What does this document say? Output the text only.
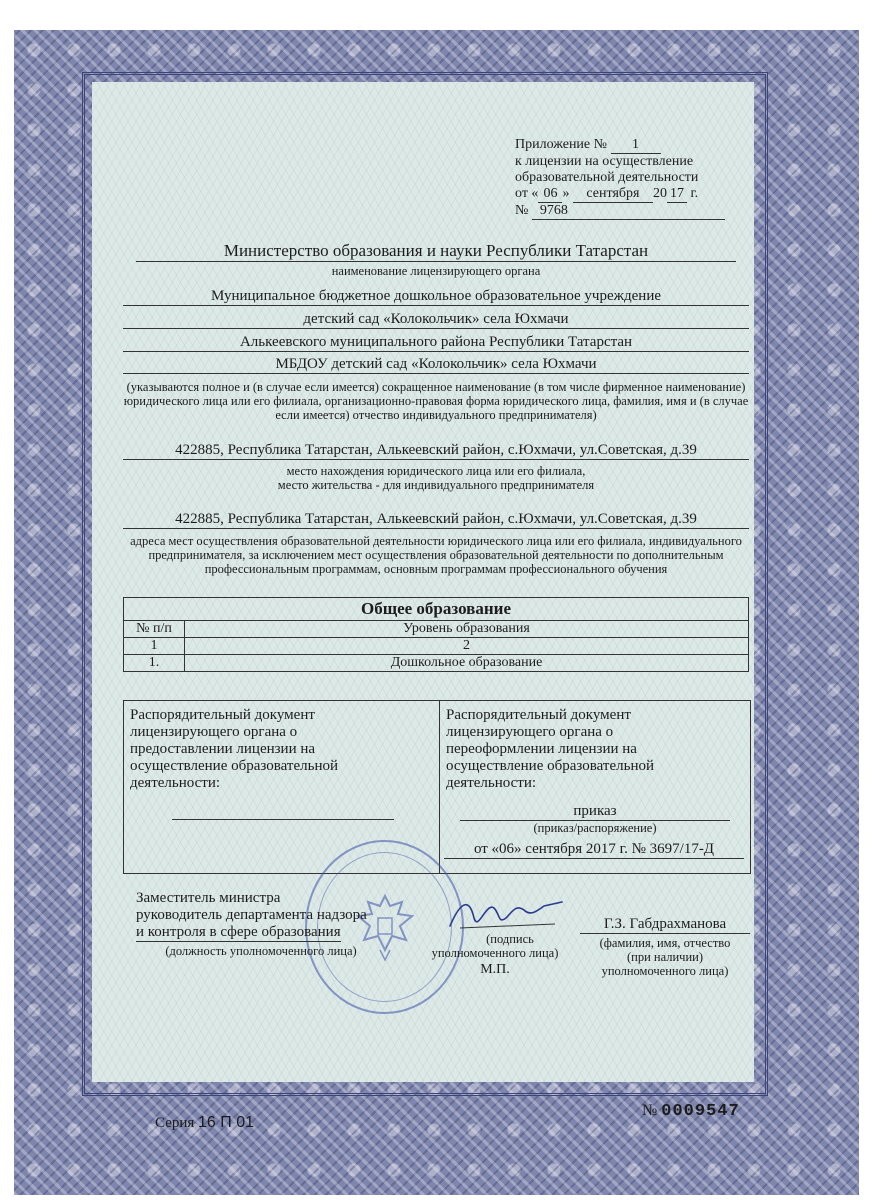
Приложение № 1
к лицензии на осуществление
образовательной деятельности
от « 06 » сентября 20 17 г.
№ 9768
Министерство образования и науки Республики Татарстан
наименование лицензирующего органа
Муниципальное бюджетное дошкольное образовательное учреждение
детский сад «Колокольчик» села Юхмачи
Алькеевского муниципального района Республики Татарстан
МБДОУ детский сад «Колокольчик» села Юхмачи
(указываются полное и (в случае если имеется) сокращенное наименование (в том числе фирменное наименование) юридического лица или его филиала, организационно-правовая форма юридического лица, фамилия, имя и (в случае если имеется) отчество индивидуального предпринимателя)
422885, Республика Татарстан, Алькеевский район, с.Юхмачи, ул.Советская, д.39
место нахождения юридического лица или его филиала,
место жительства - для индивидуального предпринимателя
422885, Республика Татарстан, Алькеевский район, с.Юхмачи, ул.Советская, д.39
адреса мест осуществления образовательной деятельности юридического лица или его филиала, индивидуального предпринимателя, за исключением мест осуществления образовательной деятельности по дополнительным профессиональным программам, основным программам профессионального обучения
Общее образование	
№ п/п	Уровень образования
1	2
1.	Дошкольное образование
Распорядительный документ лицензирующего органа о предоставлении лицензии на осуществление образовательной деятельности:
Распорядительный документ лицензирующего органа о переоформлении лицензии на осуществление образовательной деятельности:
приказ
(приказ/распоряжение)
от «06» сентября 2017 г. № 3697/17-Д
Заместитель министра
руководитель департамента надзора
и контроля в сфере образования
(должность уполномоченного лица)
(подпись
уполномоченного лица)
М.П.
Г.З. Габдрахманова
(фамилия, имя, отчество
(при наличии)
уполномоченного лица)
Серия 16 П 01
№ 0009547
